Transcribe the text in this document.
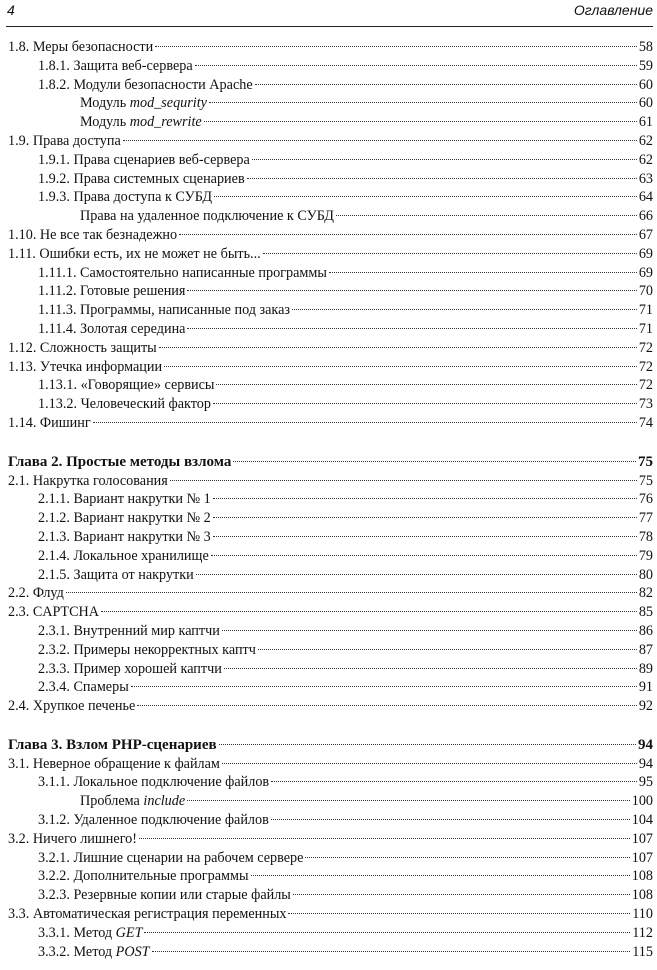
4	Оглавление
1.8. Меры безопасности	58
1.8.1. Защита веб-сервера	59
1.8.2. Модули безопасности Apache	60
Модуль mod_sequrity	60
Модуль mod_rewrite	61
1.9. Права доступа	62
1.9.1. Права сценариев веб-сервера	62
1.9.2. Права системных сценариев	63
1.9.3. Права доступа к СУБД	64
Права на удаленное подключение к СУБД	66
1.10. Не все так безнадежно	67
1.11. Ошибки есть, их не может не быть...	69
1.11.1. Самостоятельно написанные программы	69
1.11.2. Готовые решения	70
1.11.3. Программы, написанные под заказ	71
1.11.4. Золотая середина	71
1.12. Сложность защиты	72
1.13. Утечка информации	72
1.13.1. «Говорящие» сервисы	72
1.13.2. Человеческий фактор	73
1.14. Фишинг	74
Глава 2. Простые методы взлома	75
2.1. Накрутка голосования	75
2.1.1. Вариант накрутки № 1	76
2.1.2. Вариант накрутки № 2	77
2.1.3. Вариант накрутки № 3	78
2.1.4. Локальное хранилище	79
2.1.5. Защита от накрутки	80
2.2. Флуд	82
2.3. CAPTCHA	85
2.3.1. Внутренний мир каптчи	86
2.3.2. Примеры некорректных каптч	87
2.3.3. Пример хорошей каптчи	89
2.3.4. Спамеры	91
2.4. Хрупкое печенье	92
Глава 3. Взлом PHP-сценариев	94
3.1. Неверное обращение к файлам	94
3.1.1. Локальное подключение файлов	95
Проблема include	100
3.1.2. Удаленное подключение файлов	104
3.2. Ничего лишнего!	107
3.2.1. Лишние сценарии на рабочем сервере	107
3.2.2. Дополнительные программы	108
3.2.3. Резервные копии или старые файлы	108
3.3. Автоматическая регистрация переменных	110
3.3.1. Метод GET	112
3.3.2. Метод POST	115
